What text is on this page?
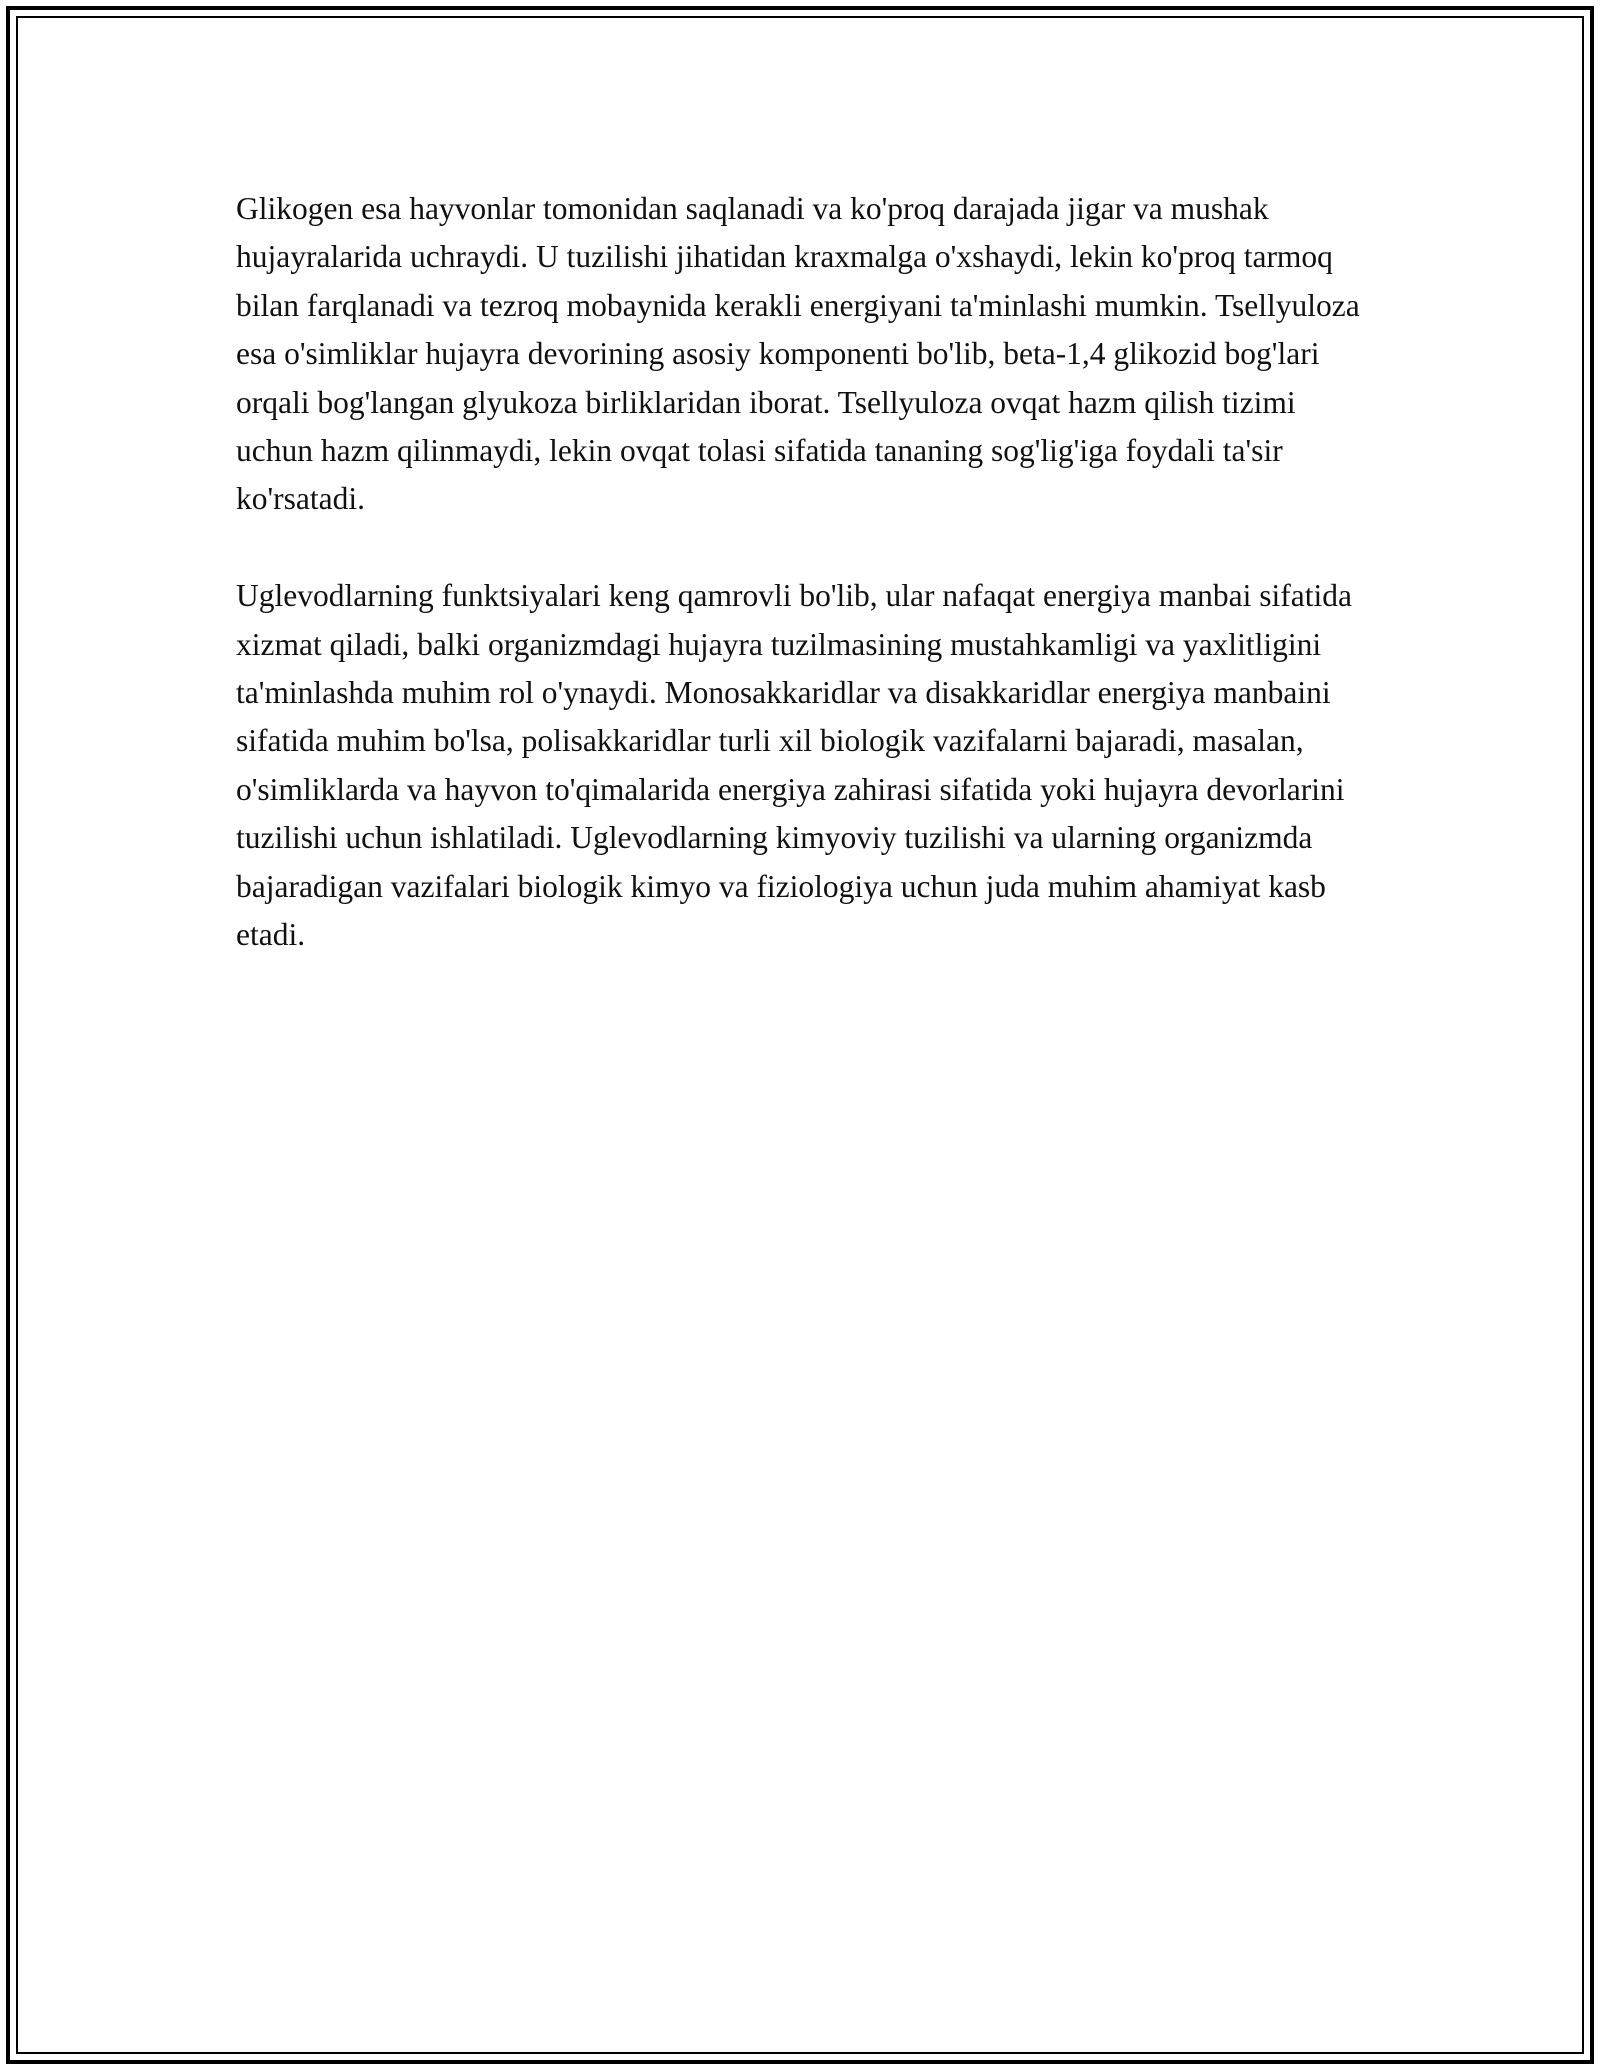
Glikogen esa hayvonlar tomonidan saqlanadi va ko'proq darajada jigar va mushak hujayralarida uchraydi. U tuzilishi jihatidan kraxmalga o'xshaydi, lekin ko'proq tarmoq bilan farqlanadi va tezroq mobaynida kerakli energiyani ta'minlashi mumkin. Tsellyuloza esa o'simliklar hujayra devorining asosiy komponenti bo'lib, beta-1,4 glikozid bog'lari orqali bog'langan glyukoza birliklaridan iborat. Tsellyuloza ovqat hazm qilish tizimi uchun hazm qilinmaydi, lekin ovqat tolasi sifatida tananing sog'lig'iga foydali ta'sir ko'rsatadi.

Uglevodlarning funktsiyalari keng qamrovli bo'lib, ular nafaqat energiya manbai sifatida xizmat qiladi, balki organizmdagi hujayra tuzilmasining mustahkamligi va yaxlitligini ta'minlashda muhim rol o'ynaydi. Monosakkaridlar va disakkaridlar energiya manbaini sifatida muhim bo'lsa, polisakkaridlar turli xil biologik vazifalarni bajaradi, masalan, o'simliklarda va hayvon to'qimalarida energiya zahirasi sifatida yoki hujayra devorlarini tuzilishi uchun ishlatiladi. Uglevodlarning kimyoviy tuzilishi va ularning organizmda bajaradigan vazifalari biologik kimyo va fiziologiya uchun juda muhim ahamiyat kasb etadi.
